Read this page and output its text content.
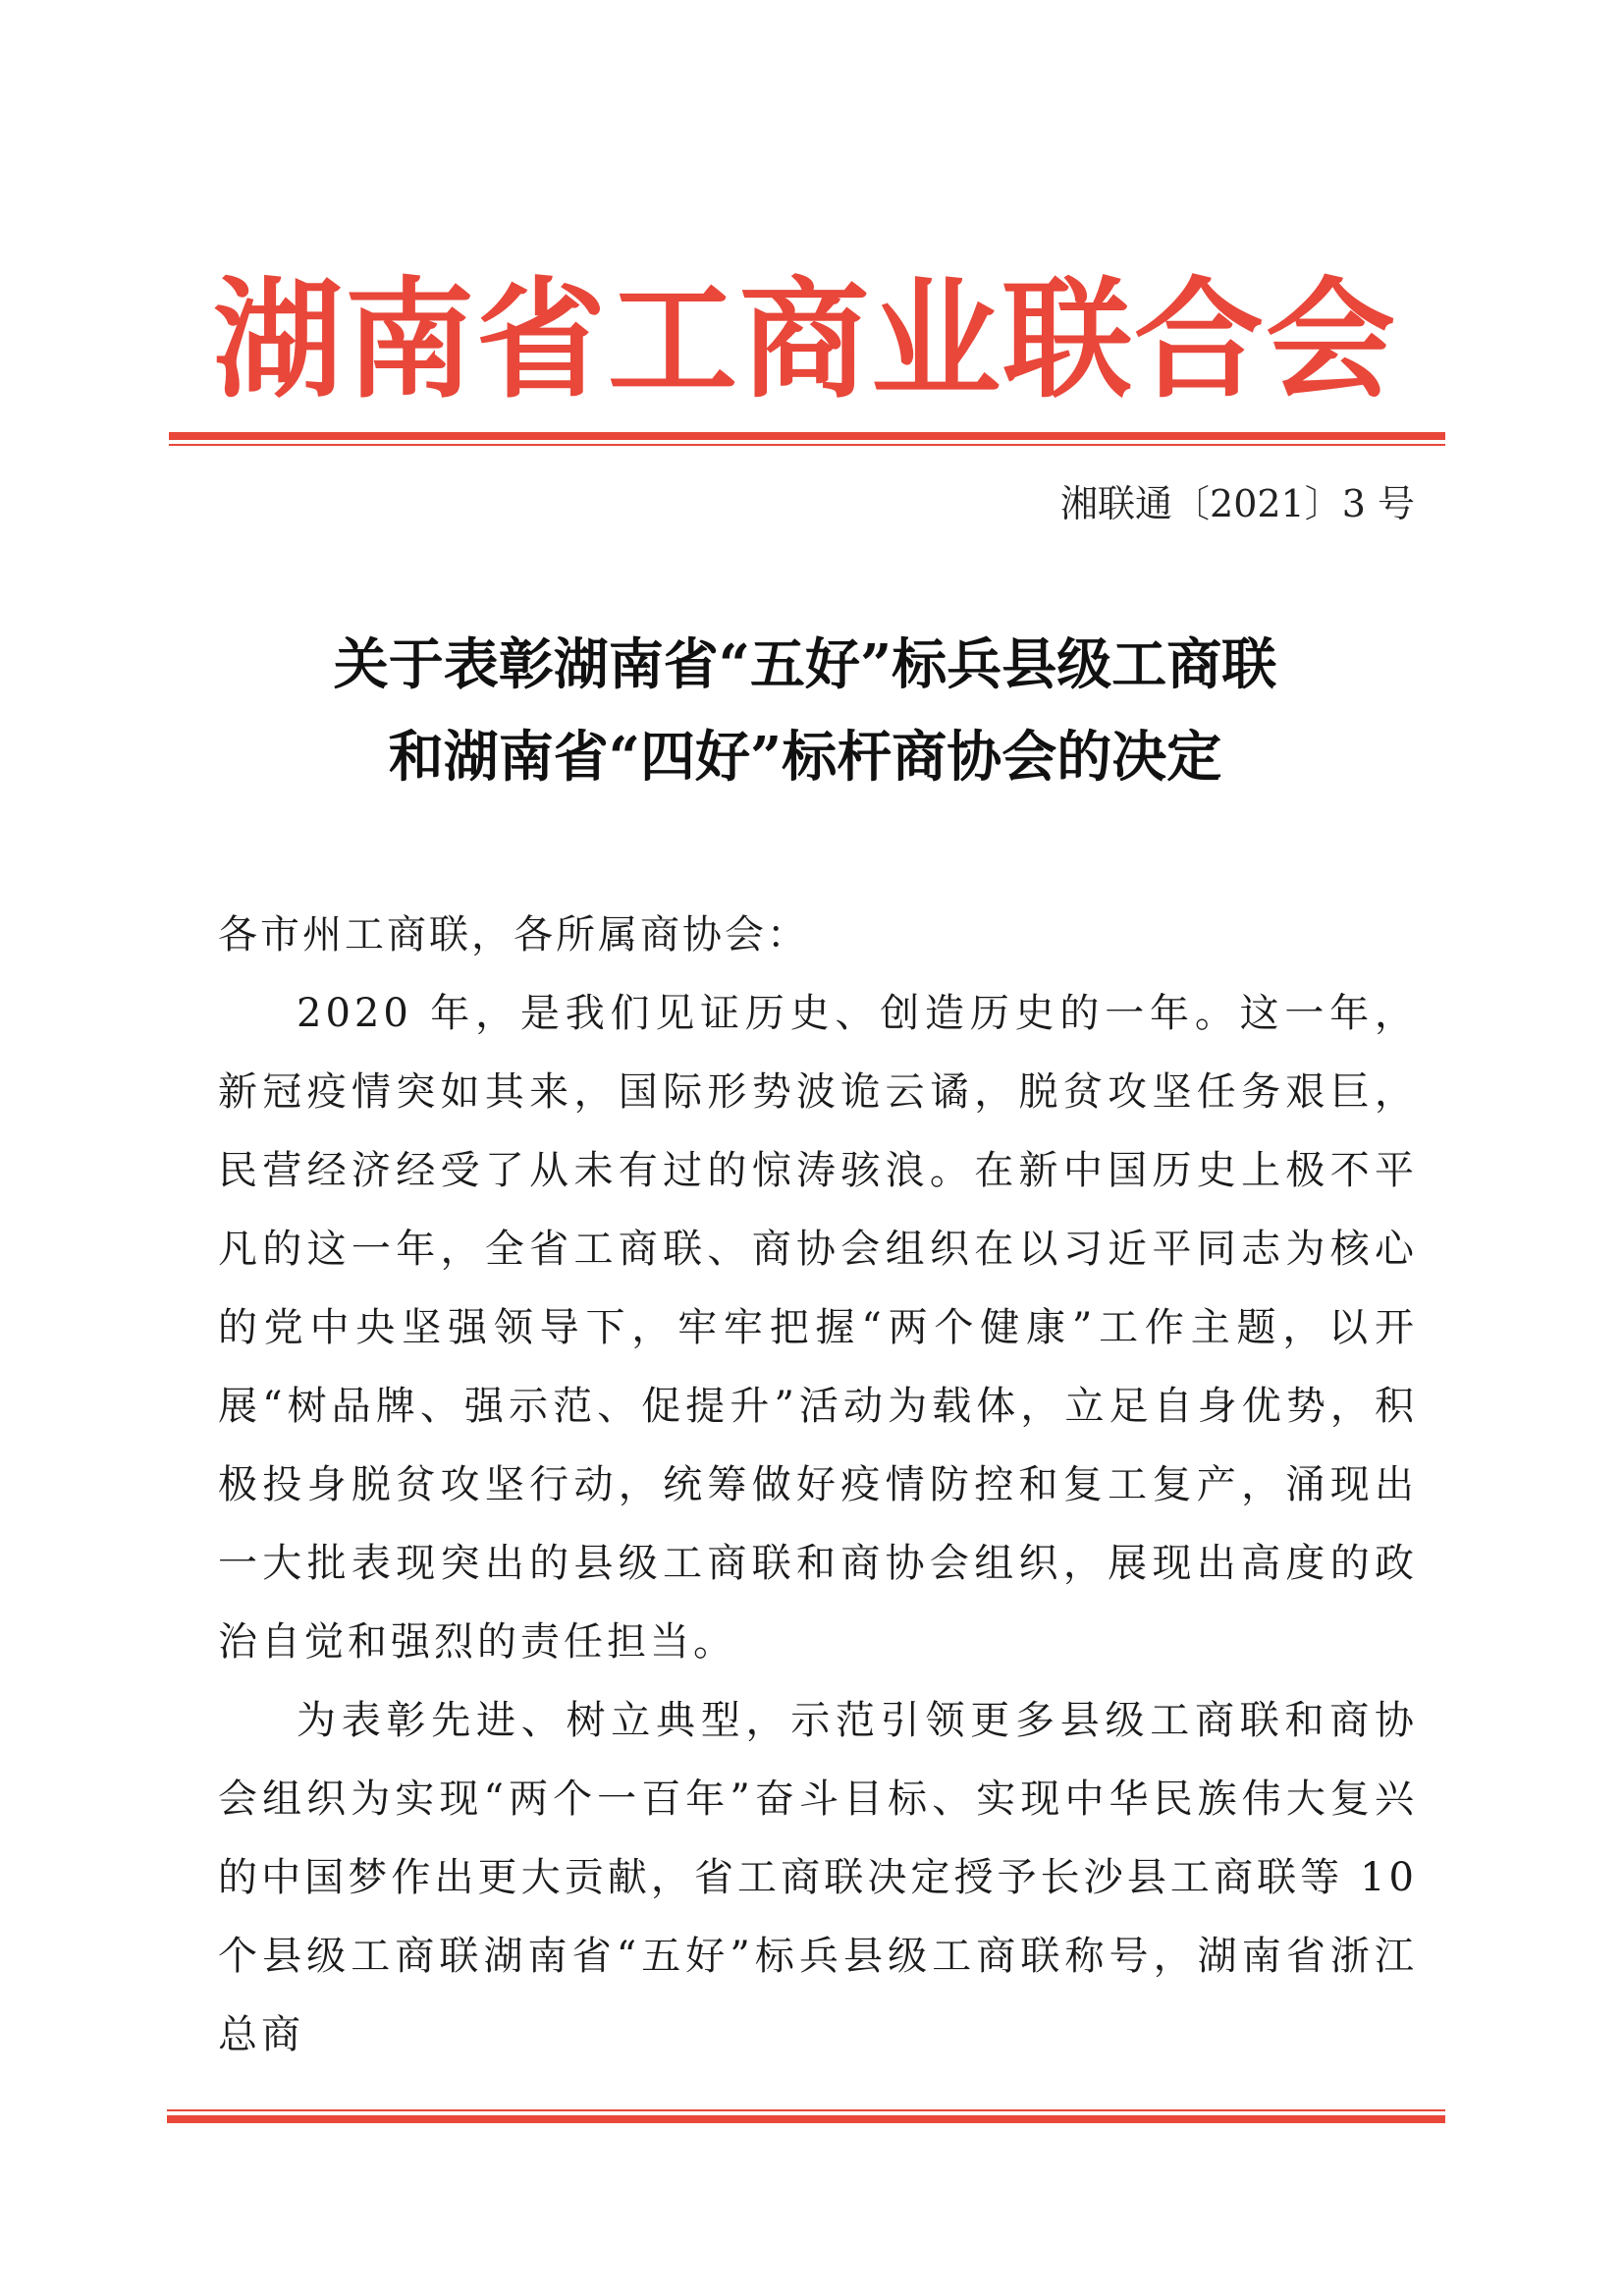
湖南省工商业联合会
湘联通〔2021〕3 号
关于表彰湖南省“五好”标兵县级工商联
和湖南省“四好”标杆商协会的决定
各市州工商联，各所属商协会：
2020 年，是我们见证历史、创造历史的一年。这一年，新冠疫情突如其来，国际形势波诡云谲，脱贫攻坚任务艰巨，民营经济经受了从未有过的惊涛骇浪。在新中国历史上极不平凡的这一年，全省工商联、商协会组织在以习近平同志为核心的党中央坚强领导下，牢牢把握“两个健康”工作主题，以开展“树品牌、强示范、促提升”活动为载体，立足自身优势，积极投身脱贫攻坚行动，统筹做好疫情防控和复工复产，涌现出一大批表现突出的县级工商联和商协会组织，展现出高度的政治自觉和强烈的责任担当。
为表彰先进、树立典型，示范引领更多县级工商联和商协会组织为实现“两个一百年”奋斗目标、实现中华民族伟大复兴的中国梦作出更大贡献，省工商联决定授予长沙县工商联等 10 个县级工商联湖南省“五好”标兵县级工商联称号，湖南省浙江总商
